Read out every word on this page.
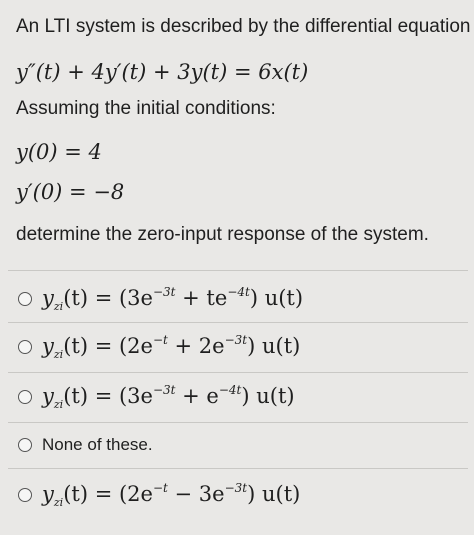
An LTI system is described by the differential equation
y″(t) + 4y′(t) + 3y(t) = 6x(t)
Assuming the initial conditions:
y(0) = 4
y′(0) = −8
determine the zero-input response of the system.
$y_{zi}(t) = (3e^{-3t} + te^{-4t})$ u(t)
$y_{zi}(t) = (2e^{-t} + 2e^{-3t})$ u(t)
$y_{zi}(t) = (3e^{-3t} + e^{-4t})$ u(t)
None of these.
$y_{zi}(t) = (2e^{-t} - 3e^{-3t})$ u(t)
